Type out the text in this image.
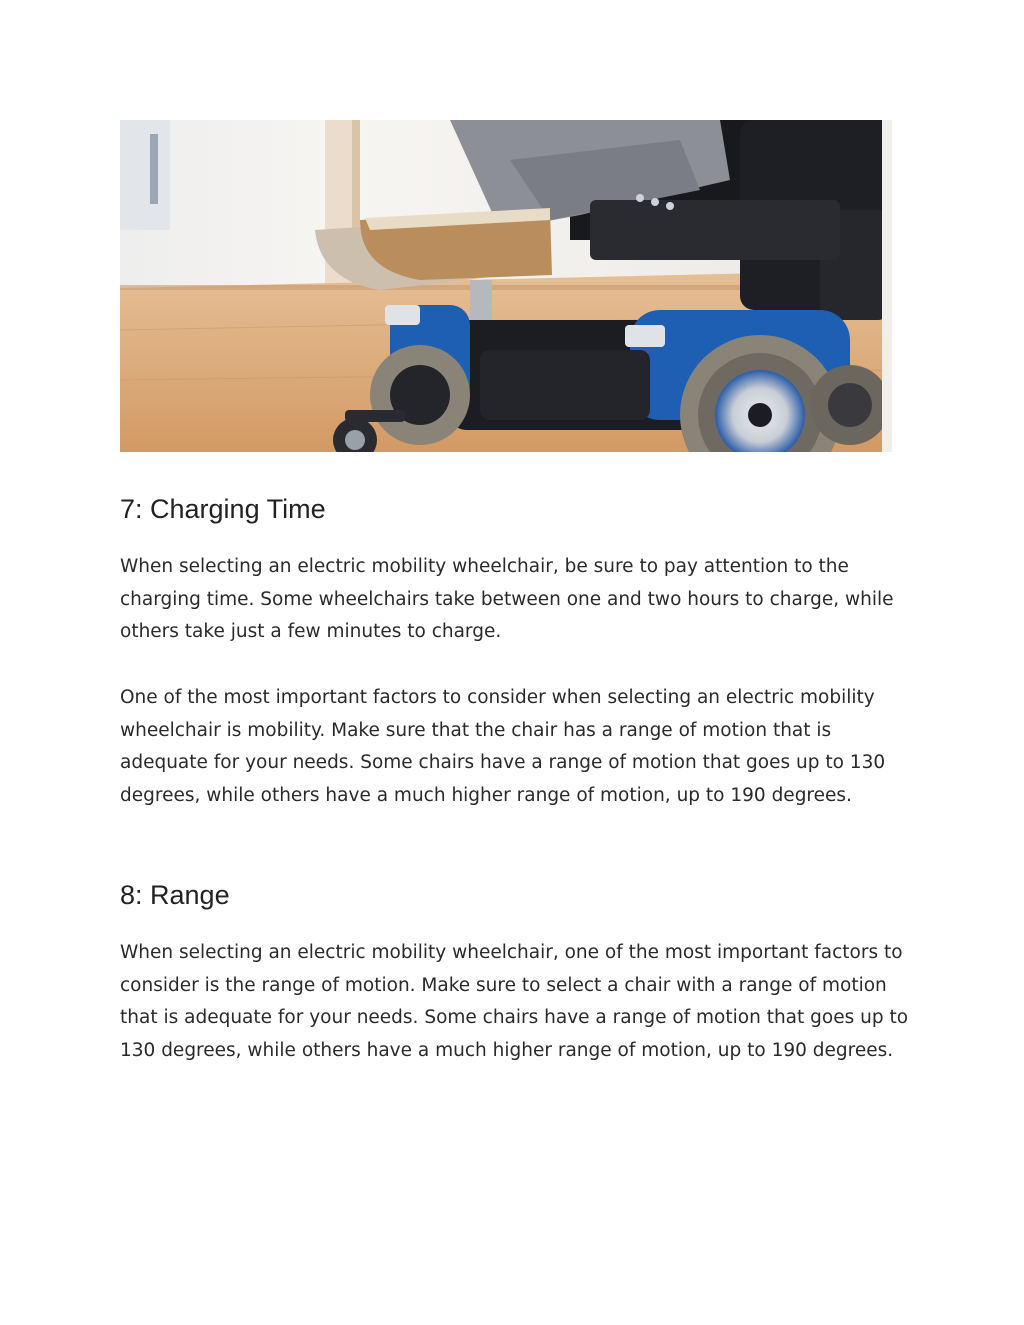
7: Charging Time

When selecting an electric mobility wheelchair, be sure to pay attention to the charging time. Some wheelchairs take between one and two hours to charge, while others take just a few minutes to charge.

One of the most important factors to consider when selecting an electric mobility wheelchair is mobility. Make sure that the chair has a range of motion that is adequate for your needs. Some chairs have a range of motion that goes up to 130 degrees, while others have a much higher range of motion, up to 190 degrees.

8: Range

When selecting an electric mobility wheelchair, one of the most important factors to consider is the range of motion. Make sure to select a chair with a range of motion that is adequate for your needs. Some chairs have a range of motion that goes up to 130 degrees, while others have a much higher range of motion, up to 190 degrees.
